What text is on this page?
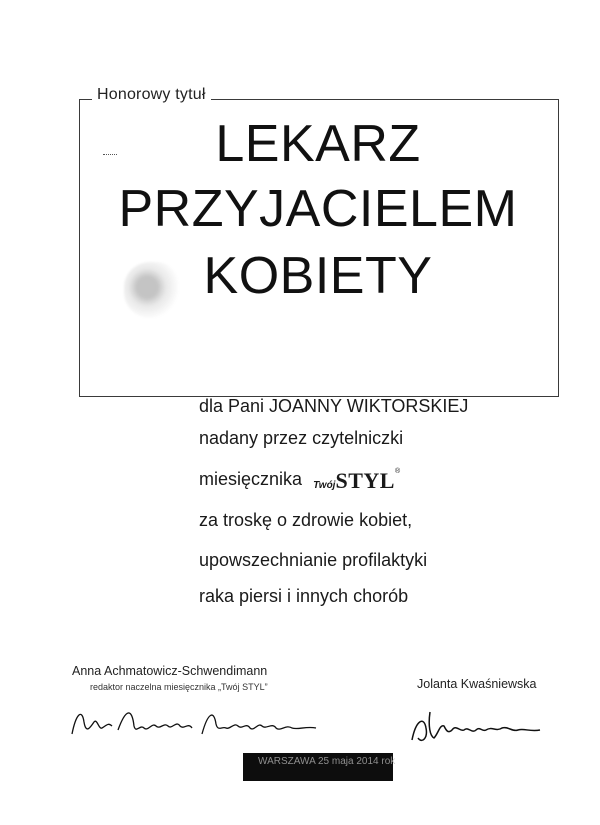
Honorowy tytuł
LEKARZ
PRZYJACIELEM
KOBIETY
dla Pani JOANNY WIKTORSKIEJ
nadany przez czytelniczki
miesięcznika TwójSTYL®
za troskę o zdrowie kobiet,
upowszechnianie profilaktyki
raka piersi i innych chorób
Anna Achmatowicz-Schwendimann
redaktor naczelna miesięcznika „Twój STYL”	Jolanta Kwaśniewska
WARSZAWA 25 maja 2014 rok
